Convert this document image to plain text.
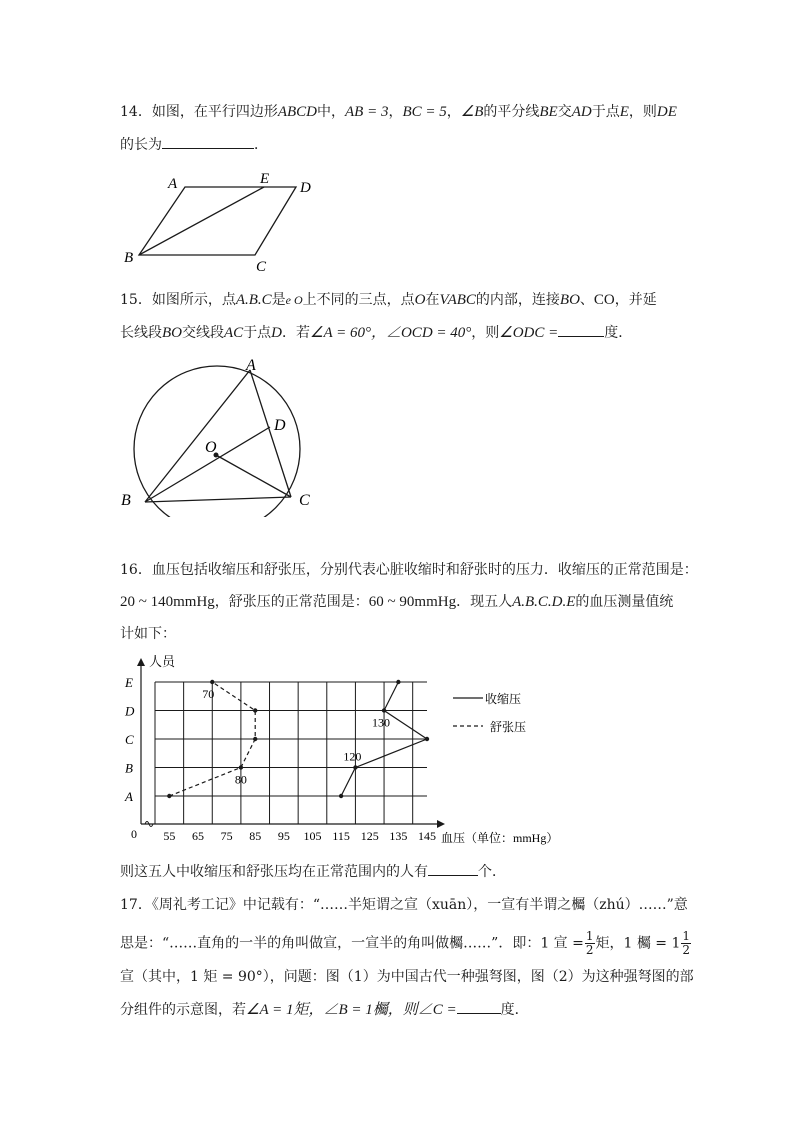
14．如图，在平行四边形ABCD中，AB = 3，BC = 5，∠B的平分线BE交AD于点E，则DE
的长为	．
A	E
D
B
C
15．如图所示，点A.B.C是e O上不同的三点，点O在VABC的内部，连接BO、CO，并延
长线段BO交线段AC于点D．若∠A = 60°，∠OCD = 40°，则∠ODC =	度．
A
D
O
B	C
16．血压包括收缩压和舒张压，分别代表心脏收缩时和舒张时的压力．收缩压的正常范围是：
20 ~ 140mmHg，舒张压的正常范围是：60 ~ 90mmHg．现五人A.B.C.D.E的血压测量值统
计如下：
人员
血压（单位：mmHg）
0 55 65 75 85 95 105 115 125 135 145
A
B
C
D
E
70
80
120
130
收缩压
舒张压
则这五人中收缩压和舒张压均在正常范围内的人有	个．
17．《周礼考工记》中记载有：“……半矩谓之宣（xuān），一宣有半谓之欘（zhú）……”意
思是：“……直角的一半的角叫做宣，一宣半的角叫做欘……”．即：1 宣 = $\frac{1}{2}$ 矩，1 欘 = $1 \frac{1}{2}$
宣（其中，1 矩 = 90°），问题：图（1）为中国古代一种强弩图，图（2）为这种强弩图的部
分组件的示意图，若∠A = 1矩，∠B = 1欘，则∠C =	度．
